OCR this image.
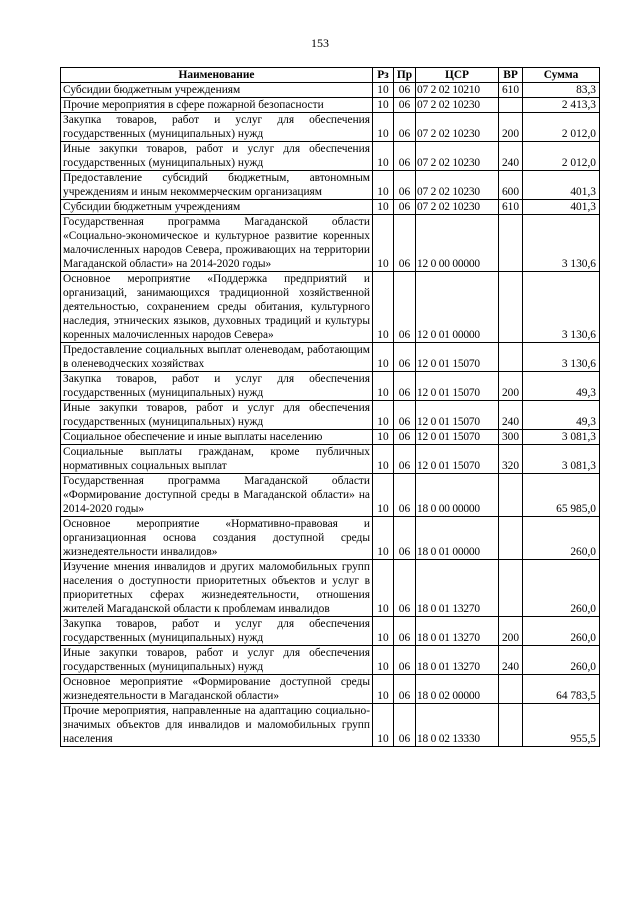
153
Наименование	Рз	Пр	ЦСР	ВР	Сумма
Субсидии бюджетным учреждениям	10	06	07 2 02 10210	610	83,3
Прочие мероприятия в сфере пожарной безопасности	10	06	07 2 02 10230		2 413,3
Закупка товаров, работ и услуг для обеспечения государственных (муниципальных) нужд	10	06	07 2 02 10230	200	2 012,0
Иные закупки товаров, работ и услуг для обеспечения государственных (муниципальных) нужд	10	06	07 2 02 10230	240	2 012,0
Предоставление субсидий бюджетным, автономным учреждениям и иным некоммерческим организациям	10	06	07 2 02 10230	600	401,3
Субсидии бюджетным учреждениям	10	06	07 2 02 10230	610	401,3
Государственная программа Магаданской области «Социально-экономическое и культурное развитие коренных малочисленных народов Севера, проживающих на территории Магаданской области» на 2014-2020 годы»	10	06	12 0 00 00000		3 130,6
Основное мероприятие «Поддержка предприятий и организаций, занимающихся традиционной хозяйственной деятельностью, сохранением среды обитания, культурного наследия, этнических языков, духовных традиций и культуры коренных малочисленных народов Севера»	10	06	12 0 01 00000		3 130,6
Предоставление социальных выплат оленеводам, работающим в оленеводческих хозяйствах	10	06	12 0 01 15070		3 130,6
Закупка товаров, работ и услуг для обеспечения государственных (муниципальных) нужд	10	06	12 0 01 15070	200	49,3
Иные закупки товаров, работ и услуг для обеспечения государственных (муниципальных) нужд	10	06	12 0 01 15070	240	49,3
Социальное обеспечение и иные выплаты населению	10	06	12 0 01 15070	300	3 081,3
Социальные выплаты гражданам, кроме публичных нормативных социальных выплат	10	06	12 0 01 15070	320	3 081,3
Государственная программа Магаданской области «Формирование доступной среды в Магаданской области» на 2014-2020 годы»	10	06	18 0 00 00000		65 985,0
Основное мероприятие «Нормативно-правовая и организационная основа создания доступной среды жизнедеятельности инвалидов»	10	06	18 0 01 00000		260,0
Изучение мнения инвалидов и других маломобильных групп населения о доступности приоритетных объектов и услуг в приоритетных сферах жизнедеятельности, отношения жителей Магаданской области к проблемам инвалидов	10	06	18 0 01 13270		260,0
Закупка товаров, работ и услуг для обеспечения государственных (муниципальных) нужд	10	06	18 0 01 13270	200	260,0
Иные закупки товаров, работ и услуг для обеспечения государственных (муниципальных) нужд	10	06	18 0 01 13270	240	260,0
Основное мероприятие «Формирование доступной среды жизнедеятельности в Магаданской области»	10	06	18 0 02 00000		64 783,5
Прочие мероприятия, направленные на адаптацию социально-значимых объектов для инвалидов и маломобильных групп населения	10	06	18 0 02 13330		955,5
